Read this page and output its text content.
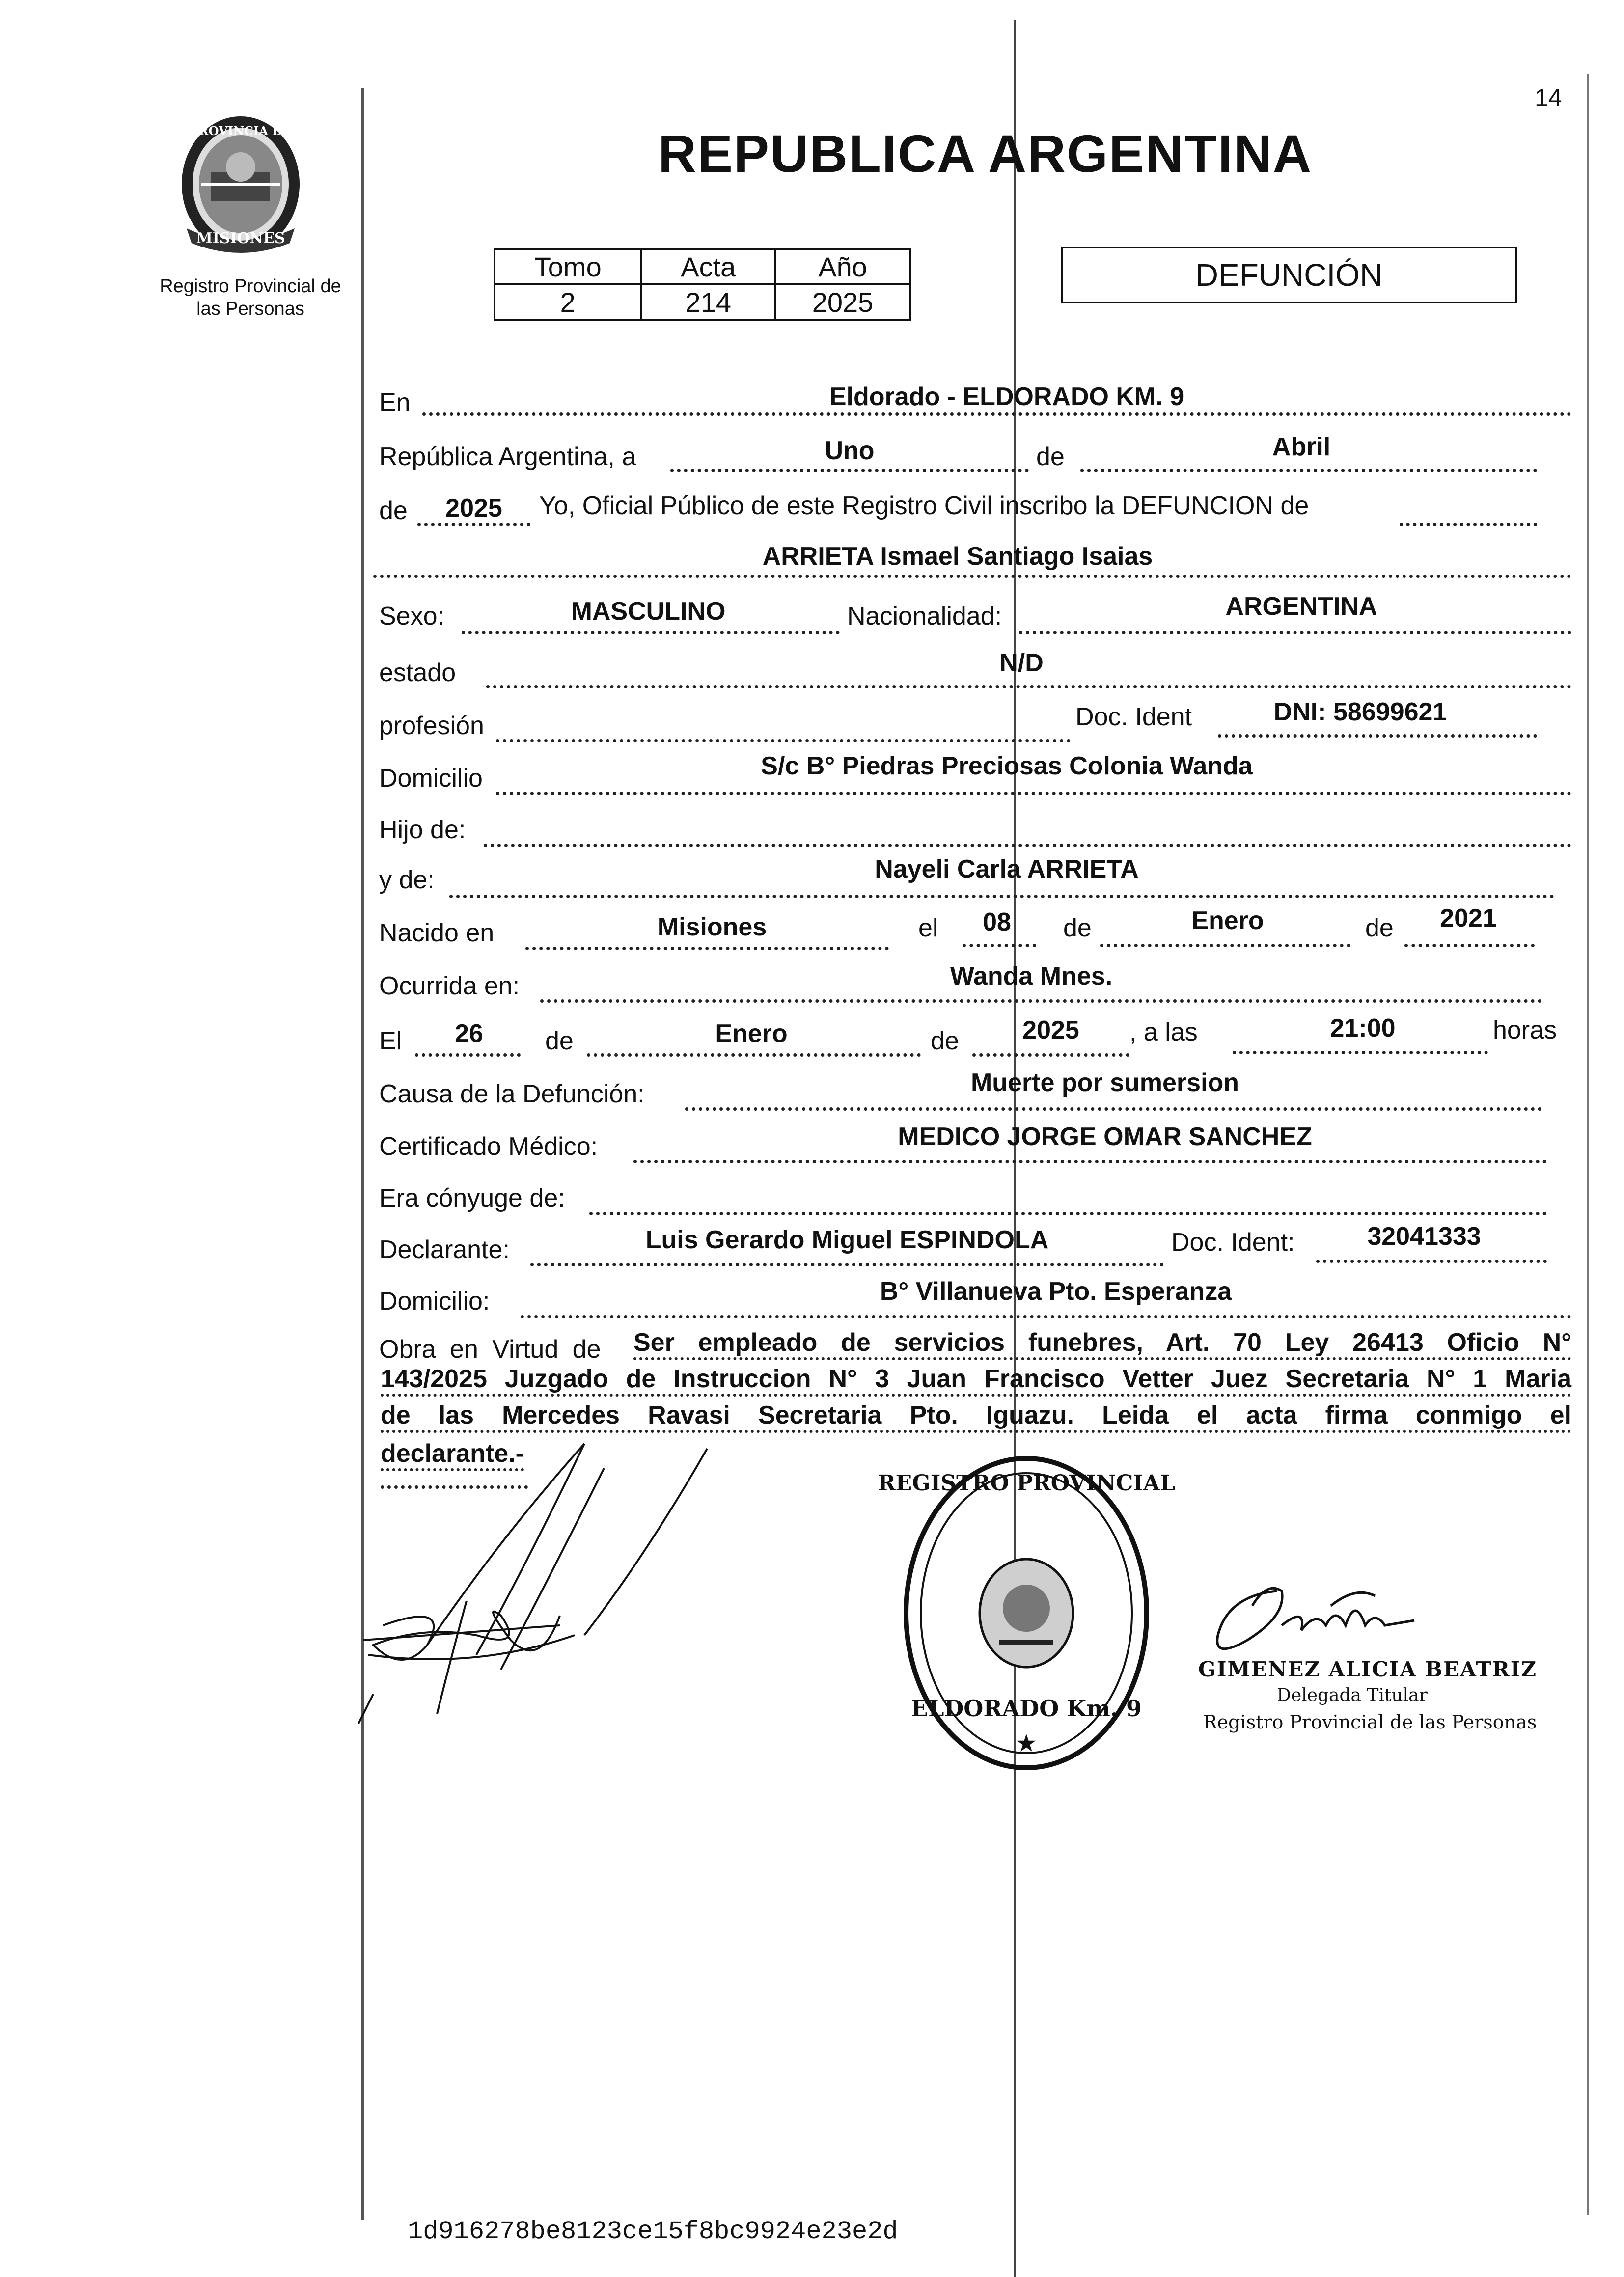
14
PROVINCIA DE
MISIONES
Registro Provincial de
las Personas
REPUBLICA ARGENTINA
Tomo	Acta	Año
2	214	2025
DEFUNCIÓN
En	Eldorado - ELDORADO KM. 9
República Argentina, a	Uno	de	Abril
de	2025	Yo, Oficial Público de este Registro Civil inscribo la DEFUNCION de
ARRIETA Ismael Santiago Isaias
Sexo:	MASCULINO	Nacionalidad:	ARGENTINA
estado	N/D
profesión	Doc. Ident	DNI: 58699621
Domicilio	S/c B° Piedras Preciosas Colonia Wanda
Hijo de:
y de:	Nayeli Carla ARRIETA
Nacido en	Misiones	el	08	de	Enero	de	2021
Ocurrida en:	Wanda Mnes.
El	26	de	Enero	de	2025	, a las	21:00	horas
Causa de la Defunción:	Muerte por sumersion
Certificado Médico:	MEDICO JORGE OMAR SANCHEZ
Era cónyuge de:
Declarante:	Luis Gerardo Miguel ESPINDOLA	Doc. Ident:	32041333
Domicilio:	B° Villanueva Pto. Esperanza
Obra en Virtud de Ser empleado de servicios funebres, Art. 70 Ley 26413 Oficio N°
143/2025 Juzgado de Instruccion N° 3 Juan Francisco Vetter Juez Secretaria N° 1 Maria
de las Mercedes Ravasi Secretaria Pto. Iguazu. Leida el acta firma conmigo el
declarante.-
REGISTRO PROVINCIAL
ELDORADO Km. 9
★
GIMENEZ ALICIA BEATRIZ
Delegada Titular
Registro Provincial de las Personas
1d916278be8123ce15f8bc9924e23e2d
